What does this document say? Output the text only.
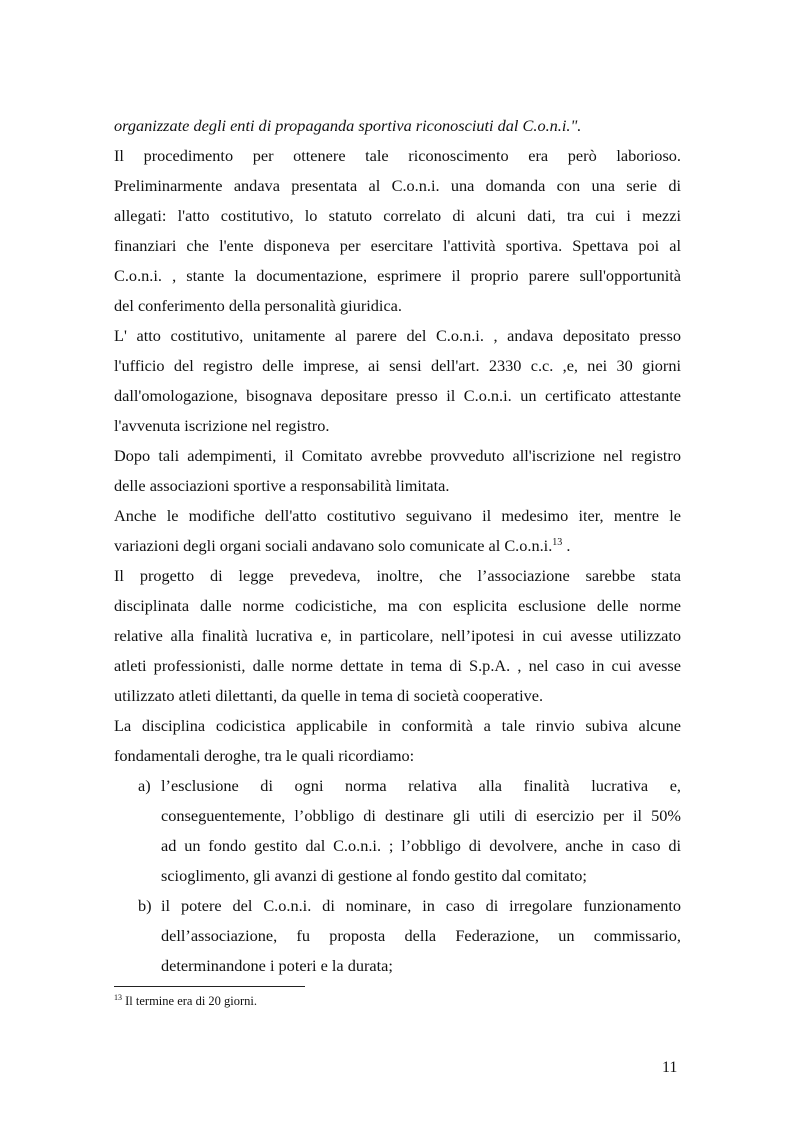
organizzate degli enti di propaganda sportiva riconosciuti dal C.o.n.i.".
Il procedimento per ottenere tale riconoscimento era però laborioso.
Preliminarmente andava presentata al C.o.n.i. una domanda con una serie di
allegati: l'atto costitutivo, lo statuto correlato di alcuni dati, tra cui i mezzi
finanziari che l'ente disponeva per esercitare l'attività sportiva. Spettava poi al
C.o.n.i. , stante la documentazione, esprimere il proprio parere sull'opportunità
del conferimento della personalità giuridica.
L' atto costitutivo, unitamente al parere del C.o.n.i. , andava depositato presso
l'ufficio del registro delle imprese, ai sensi dell'art. 2330 c.c. ,e, nei 30 giorni
dall'omologazione, bisognava depositare presso il C.o.n.i. un certificato attestante
l'avvenuta iscrizione nel registro.
Dopo tali adempimenti, il Comitato avrebbe provveduto all'iscrizione nel registro
delle associazioni sportive a responsabilità limitata.
Anche le modifiche dell'atto costitutivo seguivano il medesimo iter, mentre le
variazioni degli organi sociali andavano solo comunicate al C.o.n.i.$^{13}$ .
Il progetto di legge prevedeva, inoltre, che l’associazione sarebbe stata
disciplinata dalle norme codicistiche, ma con esplicita esclusione delle norme
relative alla finalità lucrativa e, in particolare, nell’ipotesi in cui avesse utilizzato
atleti professionisti, dalle norme dettate in tema di S.p.A. , nel caso in cui avesse
utilizzato atleti dilettanti, da quelle in tema di società cooperative.
La disciplina codicistica applicabile in conformità a tale rinvio subiva alcune
fondamentali deroghe, tra le quali ricordiamo:
a) l’esclusione di ogni norma relativa alla finalità lucrativa e,
conseguentemente, l’obbligo di destinare gli utili di esercizio per il 50%
ad un fondo gestito dal C.o.n.i. ; l’obbligo di devolvere, anche in caso di
scioglimento, gli avanzi di gestione al fondo gestito dal comitato;
b) il potere del C.o.n.i. di nominare, in caso di irregolare funzionamento
dell’associazione, fu proposta della Federazione, un commissario,
determinandone i poteri e la durata;
$^{13}$ Il termine era di 20 giorni.
11
